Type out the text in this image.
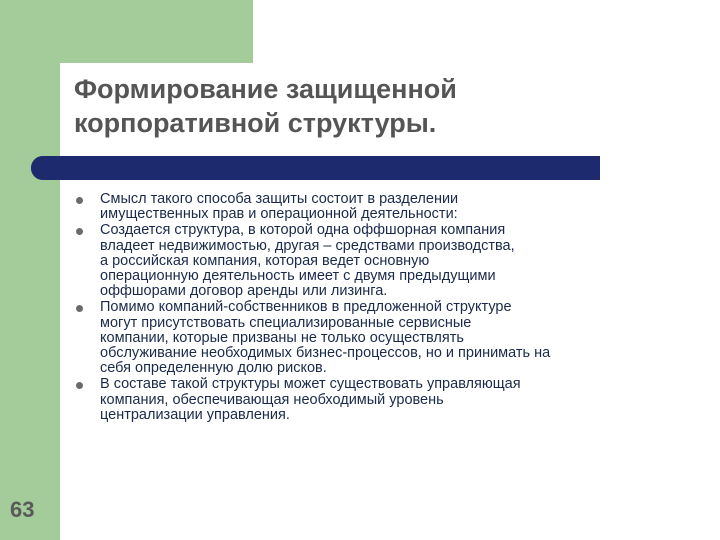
Формирование защищенной
корпоративной структуры.
Смысл такого способа защиты состоит в разделении
имущественных прав и операционной деятельности:
Создается структура, в которой одна оффшорная компания
владеет недвижимостью, другая – средствами производства,
а российская компания, которая ведет основную
операционную деятельность имеет с двумя предыдущими
оффшорами договор аренды или лизинга.
Помимо компаний-собственников в предложенной структуре
могут присутствовать специализированные сервисные
компании, которые призваны не только осуществлять
обслуживание необходимых бизнес-процессов, но и принимать на
себя определенную долю рисков.
В составе такой структуры может существовать управляющая
компания, обеспечивающая необходимый уровень
централизации управления.
63
